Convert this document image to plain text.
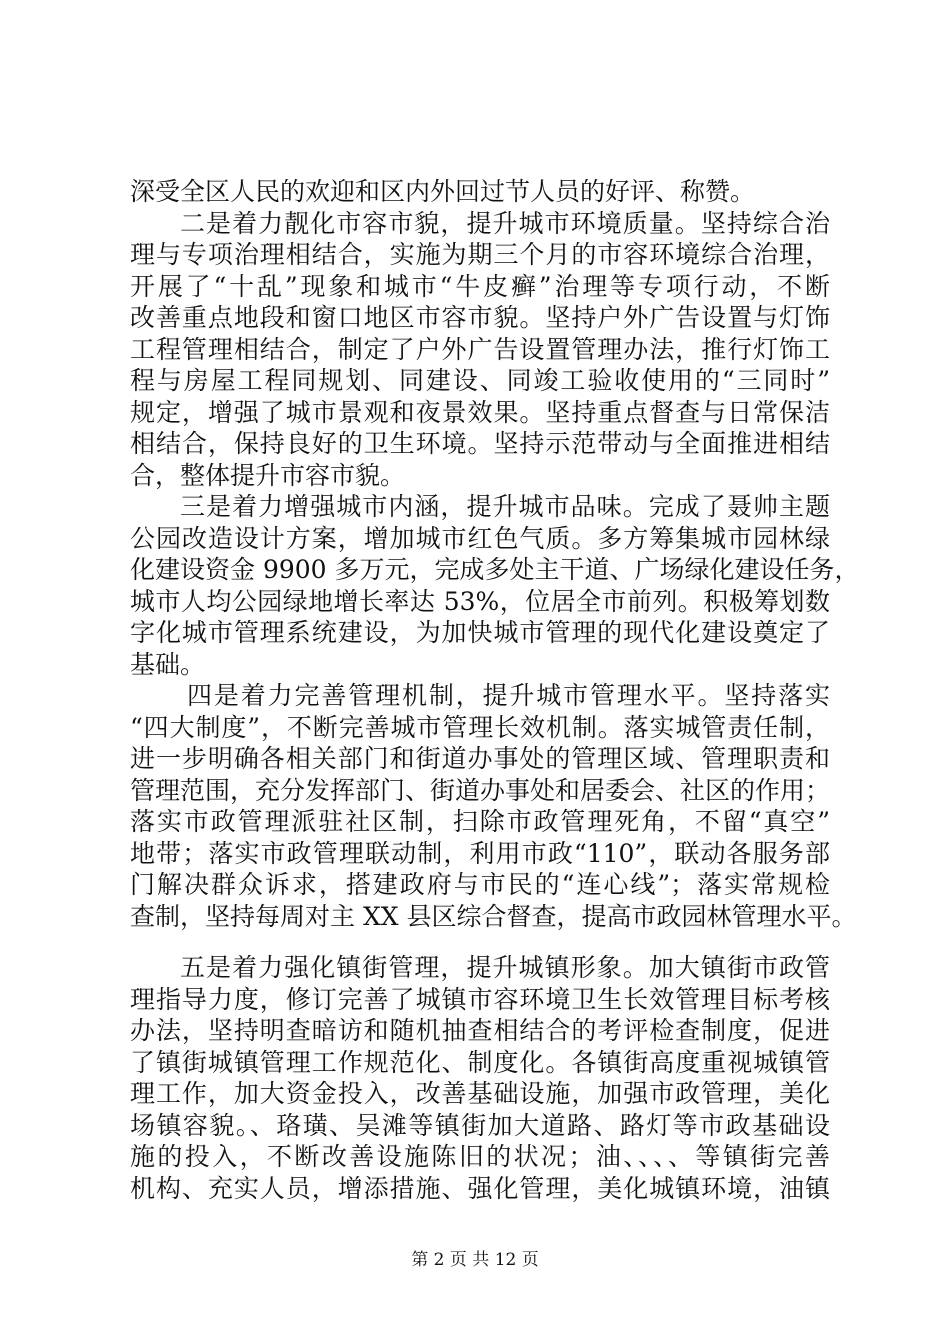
深受全区人民的欢迎和区内外回过节人员的好评、称赞。
二是着力靓化市容市貌，提升城市环境质量。坚持综合治
理与专项治理相结合，实施为期三个月的市容环境综合治理，
开展了“十乱”现象和城市“牛皮癣”治理等专项行动，不断
改善重点地段和窗口地区市容市貌。坚持户外广告设置与灯饰
工程管理相结合，制定了户外广告设置管理办法，推行灯饰工
程与房屋工程同规划、同建设、同竣工验收使用的“三同时”
规定，增强了城市景观和夜景效果。坚持重点督查与日常保洁
相结合，保持良好的卫生环境。坚持示范带动与全面推进相结
合，整体提升市容市貌。
三是着力增强城市内涵，提升城市品味。完成了聂帅主题
公园改造设计方案，增加城市红色气质。多方筹集城市园林绿
化建设资金 9900 多万元，完成多处主干道、广场绿化建设任务，
城市人均公园绿地增长率达 53%，位居全市前列。积极筹划数
字化城市管理系统建设，为加快城市管理的现代化建设奠定了
基础。
四是着力完善管理机制，提升城市管理水平。坚持落实
“四大制度”，不断完善城市管理长效机制。落实城管责任制，
进一步明确各相关部门和街道办事处的管理区域、管理职责和
管理范围，充分发挥部门、街道办事处和居委会、社区的作用；
落实市政管理派驻社区制，扫除市政管理死角，不留“真空”
地带；落实市政管理联动制，利用市政“110”，联动各服务部
门解决群众诉求，搭建政府与市民的“连心线”；落实常规检
查制，坚持每周对主 XX 县区综合督查，提高市政园林管理水平。
五是着力强化镇街管理，提升城镇形象。加大镇街市政管
理指导力度，修订完善了城镇市容环境卫生长效管理目标考核
办法，坚持明查暗访和随机抽查相结合的考评检查制度，促进
了镇街城镇管理工作规范化、制度化。各镇街高度重视城镇管
理工作，加大资金投入，改善基础设施，加强市政管理，美化
场镇容貌。、珞璜、吴滩等镇街加大道路、路灯等市政基础设
施的投入，不断改善设施陈旧的状况；油、、、、等镇街完善
机构、充实人员，增添措施、强化管理，美化城镇环境，油镇
第 2 页 共 12 页
